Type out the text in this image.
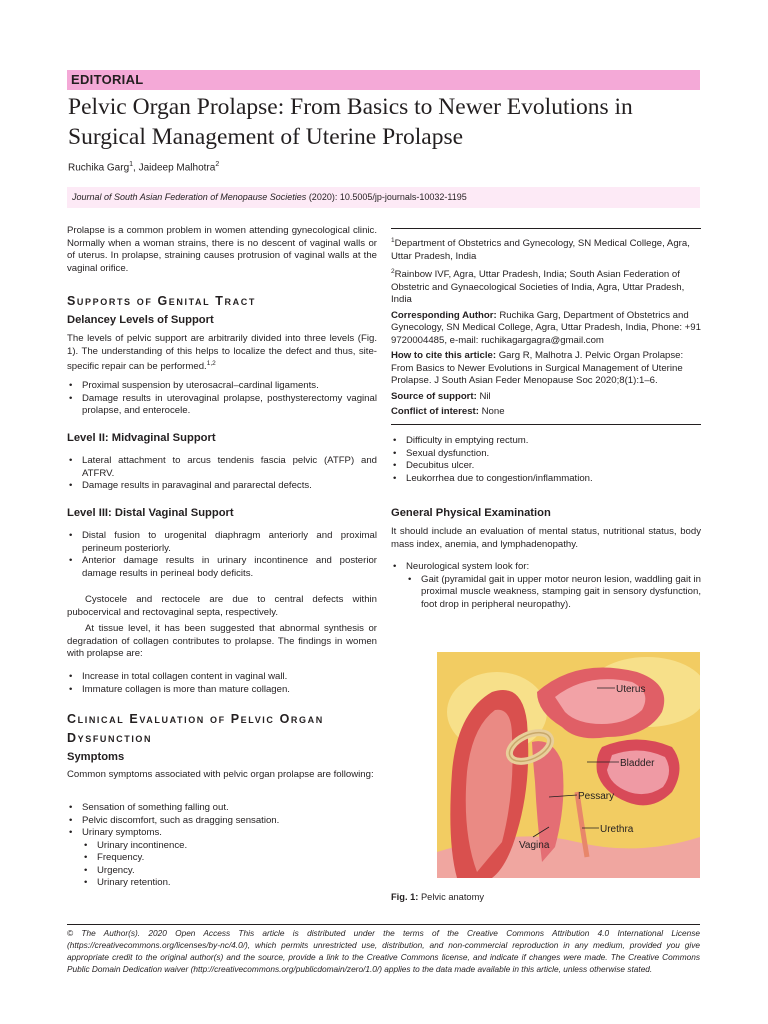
EDITORIAL
Pelvic Organ Prolapse: From Basics to Newer Evolutions in Surgical Management of Uterine Prolapse
Ruchika Garg$^1$, Jaideep Malhotra$^2$
Journal of South Asian Federation of Menopause Societies (2020): 10.5005/jp-journals-10032-1195
Prolapse is a common problem in women attending gynecological clinic. Normally when a woman strains, there is no descent of vaginal walls or of uterus. In prolapse, straining causes protrusion of vaginal walls at the vaginal orifice.
Supports of Genital Tract
Delancey Levels of Support
The levels of pelvic support are arbitrarily divided into three levels (Fig. 1). The understanding of this helps to localize the defect and thus, site-specific repair can be performed.$^{1,2}$
• Proximal suspension by uterosacral–cardinal ligaments.
• Damage results in uterovaginal prolapse, posthysterectomy vaginal prolapse, and enterocele.
Level II: Midvaginal Support
• Lateral attachment to arcus tendenis fascia pelvic (ATFP) and ATFRV.
• Damage results in paravaginal and pararectal defects.
Level III: Distal Vaginal Support
• Distal fusion to urogenital diaphragm anteriorly and proximal perineum posteriorly.
• Anterior damage results in urinary incontinence and posterior damage results in perineal body deficits.
Cystocele and rectocele are due to central defects within pubocervical and rectovaginal septa, respectively.
At tissue level, it has been suggested that abnormal synthesis or degradation of collagen contributes to prolapse. The findings in women with prolapse are:
• Increase in total collagen content in vaginal wall.
• Immature collagen is more than mature collagen.
Clinical Evaluation of Pelvic Organ
Dysfunction
Symptoms
Common symptoms associated with pelvic organ prolapse are following:
• Sensation of something falling out.
• Pelvic discomfort, such as dragging sensation.
• Urinary symptoms.
• Urinary incontinence.
• Frequency.
• Urgency.
• Urinary retention.
$^1$Department of Obstetrics and Gynecology, SN Medical College, Agra, Uttar Pradesh, India
$^2$Rainbow IVF, Agra, Uttar Pradesh, India; South Asian Federation of Obstetric and Gynaecological Societies of India, Agra, Uttar Pradesh, India
Corresponding Author: Ruchika Garg, Department of Obstetrics and Gynecology, SN Medical College, Agra, Uttar Pradesh, India, Phone: +91 9720004485, e-mail: ruchikagargagra@gmail.com
How to cite this article: Garg R, Malhotra J. Pelvic Organ Prolapse: From Basics to Newer Evolutions in Surgical Management of Uterine Prolapse. J South Asian Feder Menopause Soc 2020;8(1):1–6.
Source of support: Nil
Conflict of interest: None
• Difficulty in emptying rectum.
• Sexual dysfunction.
• Decubitus ulcer.
• Leukorrhea due to congestion/inflammation.
General Physical Examination
It should include an evaluation of mental status, nutritional status, body mass index, anemia, and lymphadenopathy.
• Neurological system look for:
• Gait (pyramidal gait in upper motor neuron lesion, waddling gait in proximal muscle weakness, stamping gait in sensory dysfunction, foot drop in peripheral neuropathy).
Uterus
Bladder
Pessary
Urethra
Vagina
Fig. 1: Pelvic anatomy
© The Author(s). 2020 Open Access This article is distributed under the terms of the Creative Commons Attribution 4.0 International License (https://creativecommons.org/licenses/by-nc/4.0/), which permits unrestricted use, distribution, and non-commercial reproduction in any medium, provided you give appropriate credit to the original author(s) and the source, provide a link to the Creative Commons license, and indicate if changes were made. The Creative Commons Public Domain Dedication waiver (http://creativecommons.org/publicdomain/zero/1.0/) applies to the data made available in this article, unless otherwise stated.
